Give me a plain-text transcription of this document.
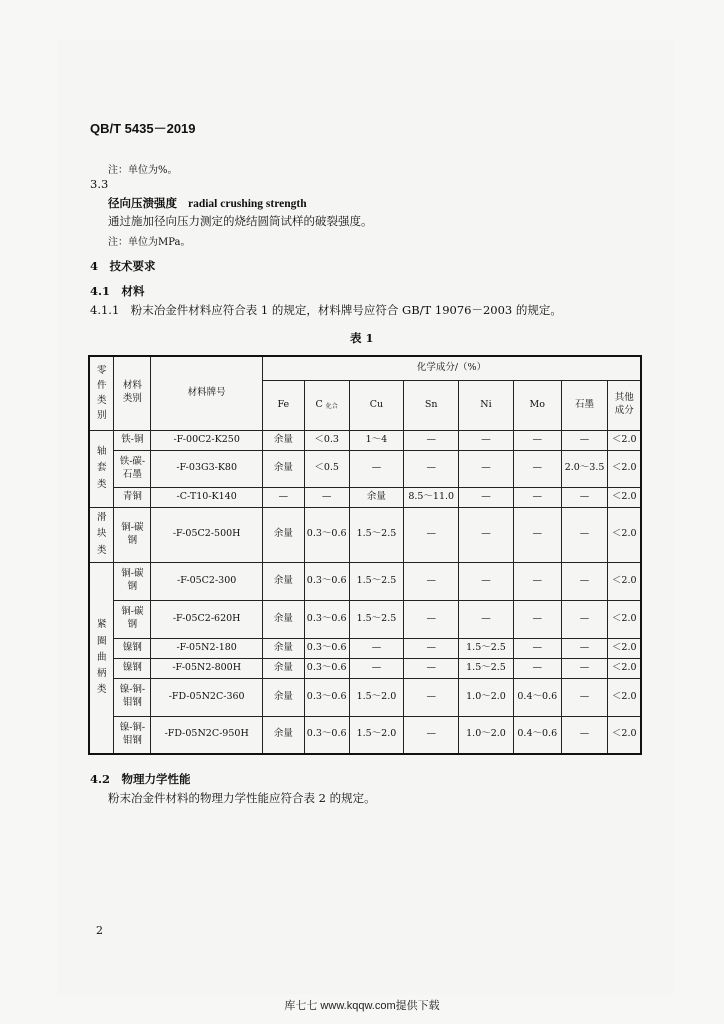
QB/T 5435－2019
注：单位为%。
3.3
径向压溃强度 radial crushing strength
通过施加径向压力测定的烧结圆筒试样的破裂强度。
注：单位为MPa。
4　技术要求
4.1　材料
4.1.1　粉末冶金件材料应符合表 1 的规定，材料牌号应符合 GB/T 19076－2003 的规定。
表 1
零件类别	材料类别	材料牌号	化学成分/（%）							
			Fe	C 化合	Cu	Sn	Ni	Mo	石墨	其他成分

轴套类	铁-铜	-F-00C2-K250	余量	＜0.3	1～4	—	—	—	—	＜2.0

	铁-碳-石墨	-F-03G3-K80	余量	＜0.5	—	—	—	—	2.0～3.5	＜2.0
	青铜	-C-T10-K140	—	—	余量	8.5～11.0	—	—	—	＜2.0

滑块类	铜-碳钢	-F-05C2-500H	余量	0.3～0.6	1.5～2.5	—	—	—	—	＜2.0

紧圈曲柄类	铜-碳钢	-F-05C2-300	余量	0.3～0.6	1.5～2.5	—	—	—	—	＜2.0

	铜-碳钢	-F-05C2-620H	余量	0.3～0.6	1.5～2.5	—	—	—	—	＜2.0
	镍钢	-F-05N2-180	余量	0.3～0.6	—	—	1.5～2.5	—	—	＜2.0
	镍钢	-F-05N2-800H	余量	0.3～0.6	—	—	1.5～2.5	—	—	＜2.0

	镍-铜-钼钢	-FD-05N2C-360	余量	0.3～0.6	1.5～2.0	—	1.0～2.0	0.4～0.6	—	＜2.0

	镍-铜-钼钢	-FD-05N2C-950H	余量	0.3～0.6	1.5～2.0	—	1.0～2.0	0.4～0.6	—	＜2.0
4.2　物理力学性能
粉末冶金件材料的物理力学性能应符合表 2 的规定。
2
库七七 www.kqqw.com提供下载
